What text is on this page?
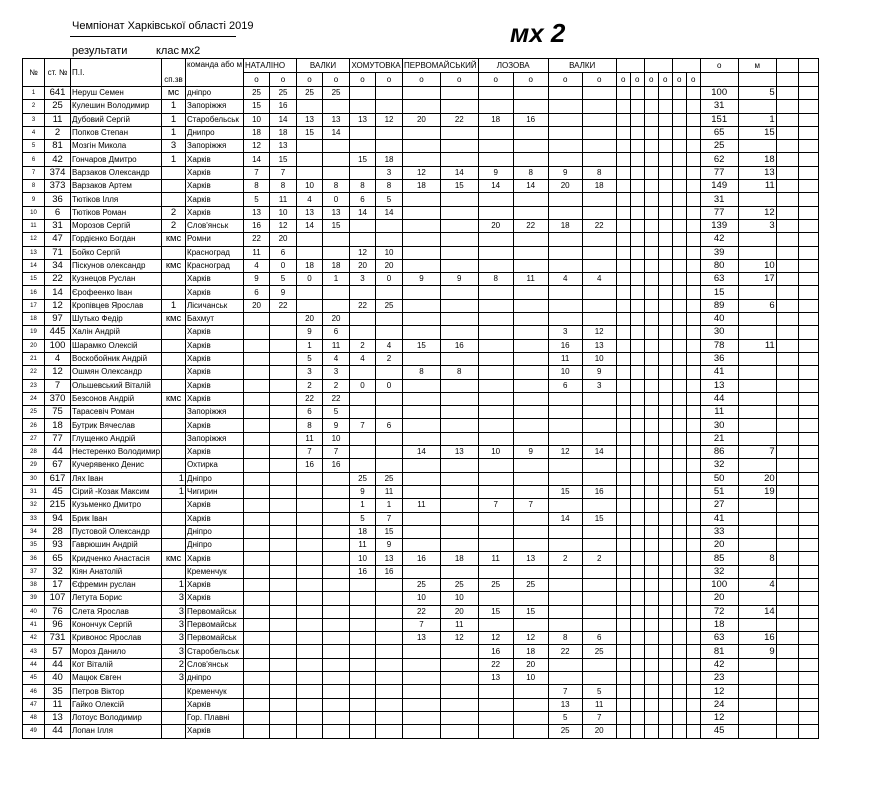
Чемпіонат Харківської області 2019
результати	клас мх2
мх 2
№	ст. №	П.І.	сп.зв	команда або м	НАТАЛІНО		ВАЛКИ		ХОМУТОВКА		ПЕРВОМАЙСЬКИЙ		ЛОЗОВА		ВАЛКИ								о	м		
					о	о	о	о	о	о	о	о	о	о	о	о	о	о	о	о	о	о				
1	641	Неруш Семен	мс	дніпро	25	25	25	25															100	5		
2	25	Кулешин Володимир	1	Запоріжжя	15	16																	31			
3	11	Дубовий Сергій	1	Старобельськ	10	14	13	13	13	12	20	22	18	16									151	1		
4	2	Попков Степан	1	Днипро	18	18	15	14															65	15		
5	81	Мозгін Микола	3	Запоріжжя	12	13																	25			
6	42	Гончаров Дмитро	1	Харків	14	15			15	18													62	18		
7	374	Варзаков Олександр		Харків	7	7				3	12	14	9	8	9	8							77	13		
8	373	Варзаков Артем		Харків	8	8	10	8	8	8	18	15	14	14	20	18							149	11		
9	36	Тютіков Ілля		Харків	5	11	4	0	6	5													31			
10	6	Тютіков Роман	2	Харків	13	10	13	13	14	14													77	12		
11	31	Морозов Сергій	2	Слов'янськ	16	12	14	15					20	22	18	22							139	3		
12	47	Гордієнко Богдан	кмс	Ромни	22	20																	42			
13	71	Бойко Сергій		Красноград	11	6			12	10													39			
14	34	Піскунов олександр	кмс	Красноград	4	0	18	18	20	20													80	10		
15	22	Кузнецов Руслан		Харків	9	5	0	1	3	0	9	9	8	11	4	4							63	17		
16	14	Єрофеенко Іван		Харків	6	9																	15			
17	12	Кропівцев Ярослав	1	Лісичанськ	20	22			22	25													89	6		
18	97	Шутько Федір	кмс	Бахмут			20	20															40			
19	445	Халін Андрій		Харків			9	6							3	12							30			
20	100	Шарамко Олексій		Харків			1	11	2	4	15	16			16	13							78	11		
21	4	Воскобойник Андрій		Харків			5	4	4	2					11	10							36			
22	12	Ошмян Олександр		Харків			3	3			8	8			10	9							41			
23	7	Ольшевський Віталій		Харків			2	2	0	0					6	3							13			
24	370	Безсонов Андрій	кмс	Харків			22	22															44			
25	75	Тарасевіч Роман		Запоріжжя			6	5															11			
26	18	Бутрик Вячеслав		Харків			8	9	7	6													30			
27	77	Глущенко Андрій		Запоріжжя			11	10															21			
28	44	Нестеренко Володимир		Харків			7	7			14	13	10	9	12	14							86	7		
29	67	Кучерявенко Денис		Охтирка			16	16															32			
30	617	Лях Іван	1	Дніпро					25	25													50	20		
31	45	Сірий -Козак Максим	1	Чигирин					9	11					15	16							51	19		
32	215	Кузьменко Дмитро		Харків					1	1	11		7	7									27			
33	94	Брик Іван		Харків					5	7					14	15							41			
34	28	Пустовой Олександр		Дніпро					18	15													33			
35	93	Гаврюшин Андрій		Дніпро					11	9													20			
36	65	Кридченко Анастасія	кмс	Харків					10	13	16	18	11	13	2	2							85	8		
37	32	Кіян Анатолій		Кременчук					16	16													32			
38	17	Єфремин руслан	1	Харків							25	25	25	25									100	4		
39	107	Летута Борис	3	Харків							10	10											20			
40	76	Слета Ярослав	3	Первомайськ							22	20	15	15									72	14		
41	96	Конончук Сергій	3	Первомайськ							7	11											18			
42	731	Кривонос Ярослав	3	Первомайськ							13	12	12	12	8	6							63	16		
43	57	Мороз Данило	3	Старобельськ									16	18	22	25							81	9		
44	44	Кот Віталій	2	Слов'янськ									22	20									42			
45	40	Мацюк Євген	3	дніпро									13	10									23			
46	35	Петров Віктор		Кременчук											7	5							12			
47	11	Гайко Олексій		Харків											13	11							24			
48	13	Лотоус Володимир		Гор. Плавні											5	7							12			
49	44	Лопан Ілля		Харків											25	20							45			
